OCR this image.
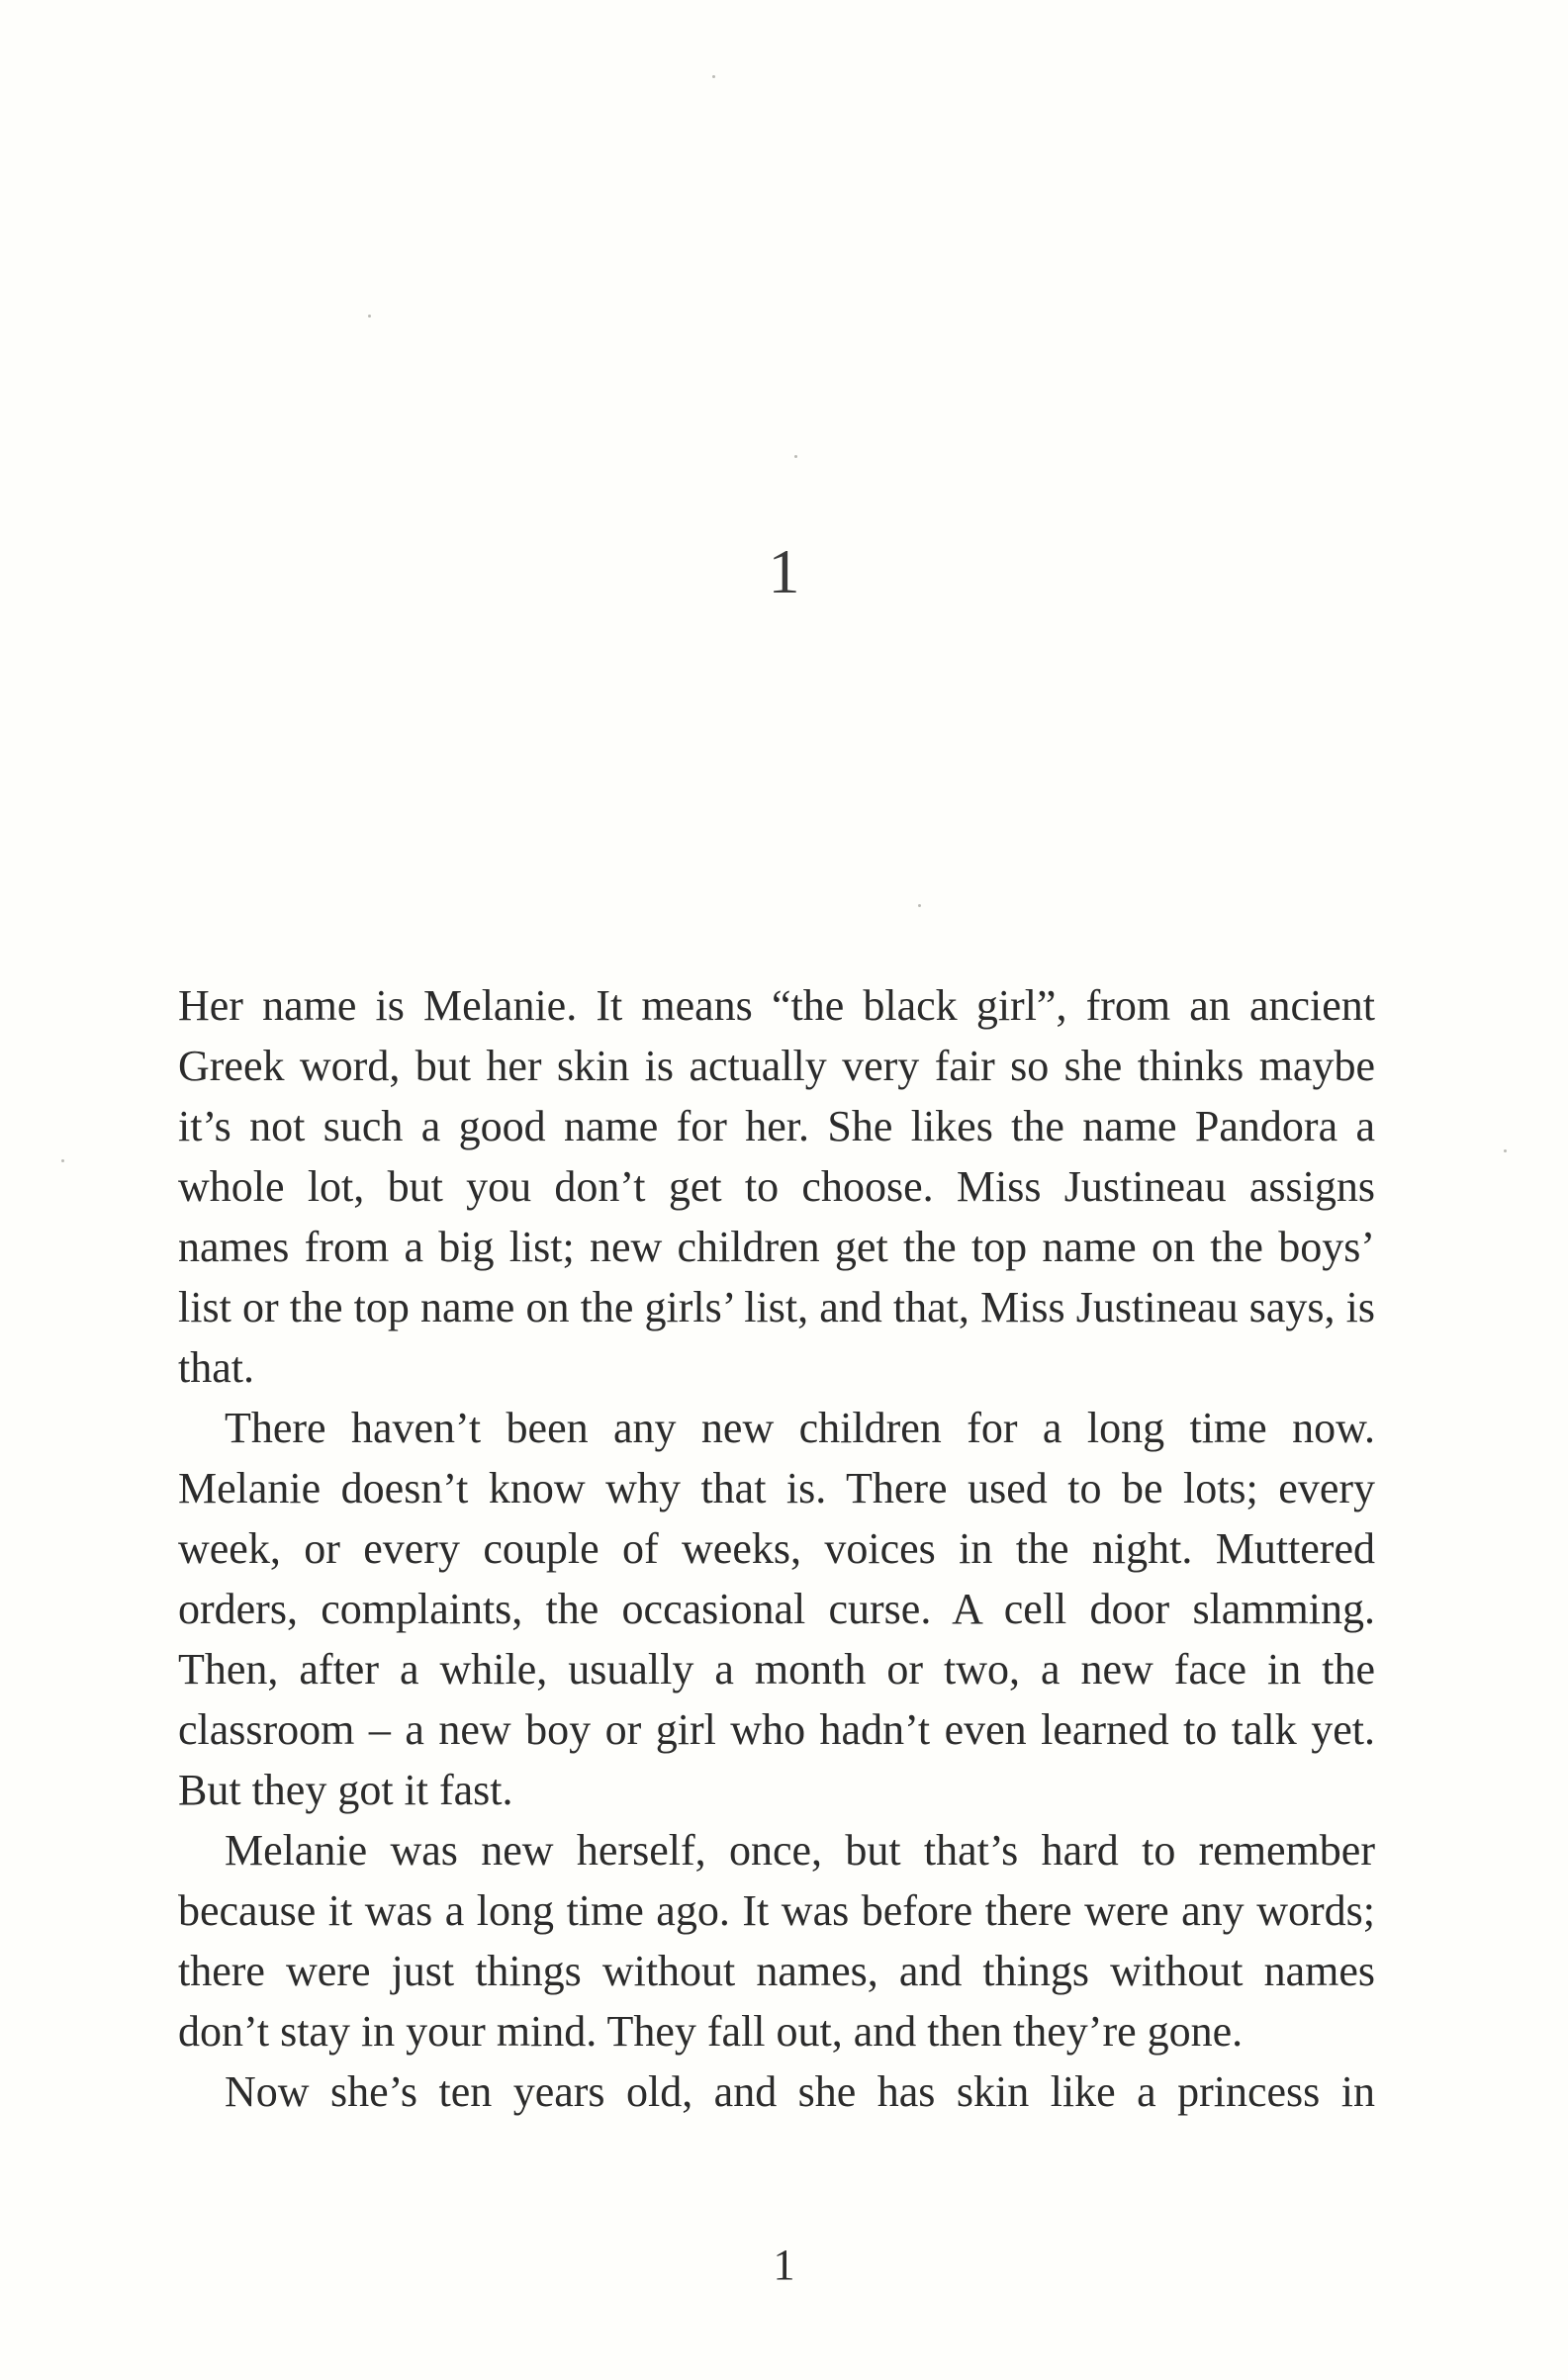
1

Her name is Melanie. It means “the black girl”, from an ancient Greek word, but her skin is actually very fair so she thinks maybe it’s not such a good name for her. She likes the name Pandora a whole lot, but you don’t get to choose. Miss Justineau assigns names from a big list; new children get the top name on the boys’ list or the top name on the girls’ list, and that, Miss Justineau says, is that.

There haven’t been any new children for a long time now. Melanie doesn’t know why that is. There used to be lots; every week, or every couple of weeks, voices in the night. Muttered orders, complaints, the occasional curse. A cell door slamming. Then, after a while, usually a month or two, a new face in the classroom – a new boy or girl who hadn’t even learned to talk yet. But they got it fast.

Melanie was new herself, once, but that’s hard to remember because it was a long time ago. It was before there were any words; there were just things without names, and things without names don’t stay in your mind. They fall out, and then they’re gone.

Now she’s ten years old, and she has skin like a princess in

1
